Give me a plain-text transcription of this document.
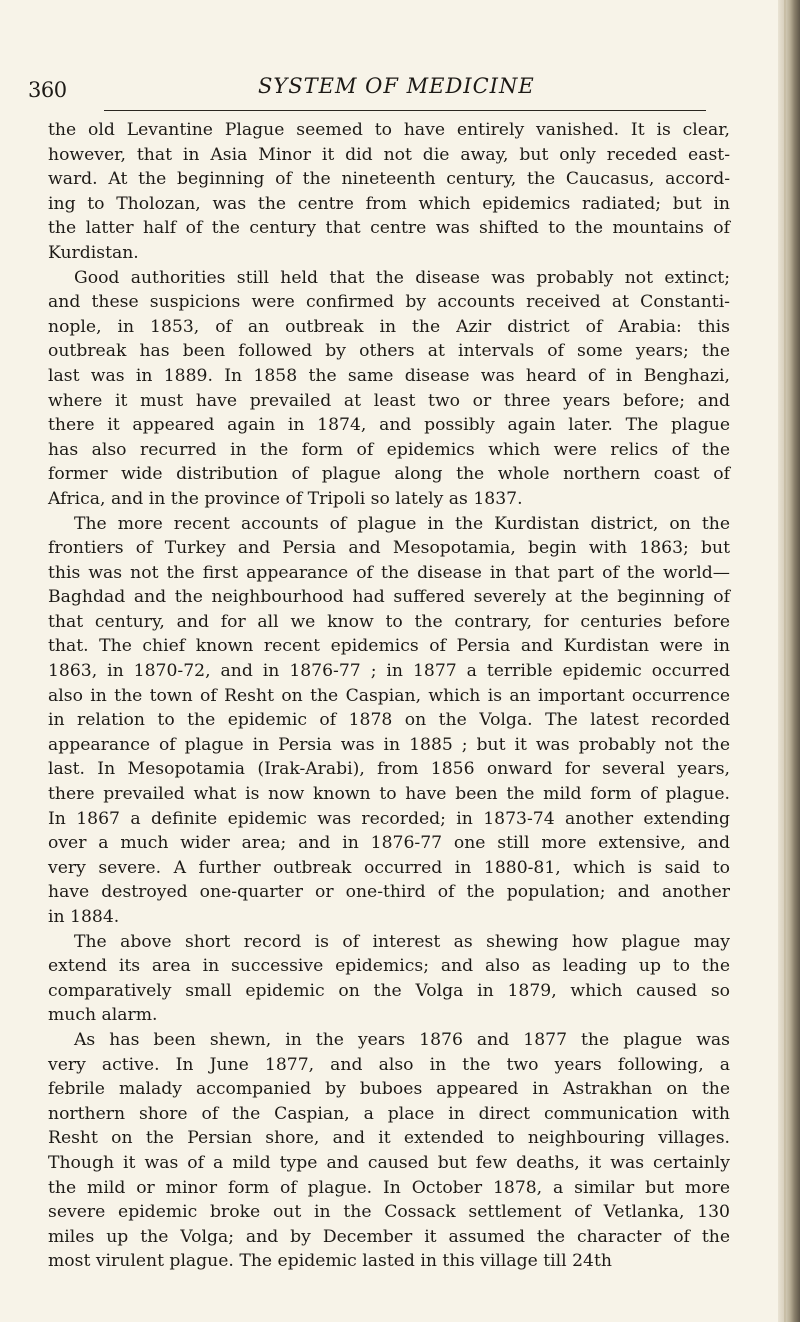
360	SYSTEM OF MEDICINE
the old Levantine Plague seemed to have entirely vanished. It is clear,
however, that in Asia Minor it did not die away, but only receded east-
ward. At the beginning of the nineteenth century, the Caucasus, accord-
ing to Tholozan, was the centre from which epidemics radiated; but in
the latter half of the century that centre was shifted to the mountains of
Kurdistan.
Good authorities still held that the disease was probably not extinct;
and these suspicions were confirmed by accounts received at Constanti-
nople, in 1853, of an outbreak in the Azir district of Arabia: this
outbreak has been followed by others at intervals of some years; the
last was in 1889. In 1858 the same disease was heard of in Benghazi,
where it must have prevailed at least two or three years before; and
there it appeared again in 1874, and possibly again later. The plague
has also recurred in the form of epidemics which were relics of the
former wide distribution of plague along the whole northern coast of
Africa, and in the province of Tripoli so lately as 1837.
The more recent accounts of plague in the Kurdistan district, on the
frontiers of Turkey and Persia and Mesopotamia, begin with 1863; but
this was not the first appearance of the disease in that part of the world—
Baghdad and the neighbourhood had suffered severely at the beginning of
that century, and for all we know to the contrary, for centuries before
that. The chief known recent epidemics of Persia and Kurdistan were in
1863, in 1870-72, and in 1876-77 ; in 1877 a terrible epidemic occurred
also in the town of Resht on the Caspian, which is an important occurrence
in relation to the epidemic of 1878 on the Volga. The latest recorded
appearance of plague in Persia was in 1885 ; but it was probably not the
last. In Mesopotamia (Irak-Arabi), from 1856 onward for several years,
there prevailed what is now known to have been the mild form of plague.
In 1867 a definite epidemic was recorded; in 1873-74 another extending
over a much wider area; and in 1876-77 one still more extensive, and
very severe. A further outbreak occurred in 1880-81, which is said to
have destroyed one-quarter or one-third of the population; and another
in 1884.
The above short record is of interest as shewing how plague may
extend its area in successive epidemics; and also as leading up to the
comparatively small epidemic on the Volga in 1879, which caused so
much alarm.
As has been shewn, in the years 1876 and 1877 the plague was
very active. In June 1877, and also in the two years following, a
febrile malady accompanied by buboes appeared in Astrakhan on the
northern shore of the Caspian, a place in direct communication with
Resht on the Persian shore, and it extended to neighbouring villages.
Though it was of a mild type and caused but few deaths, it was certainly
the mild or minor form of plague. In October 1878, a similar but more
severe epidemic broke out in the Cossack settlement of Vetlanka, 130
miles up the Volga; and by December it assumed the character of the
most virulent plague. The epidemic lasted in this village till 24th
